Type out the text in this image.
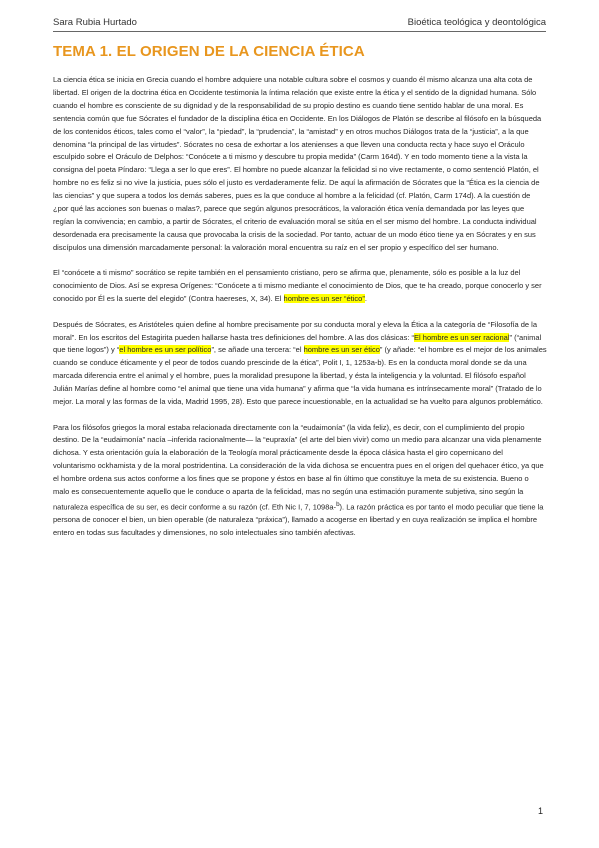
Sara Rubia Hurtado	Bioética teológica y deontológica
TEMA 1. EL ORIGEN DE LA CIENCIA ÉTICA

La ciencia ética se inicia en Grecia cuando el hombre adquiere una notable cultura sobre el cosmos y cuando él mismo alcanza una alta cota de libertad. El origen de la doctrina ética en Occidente testimonia la íntima relación que existe entre la ética y el sentido de la dignidad humana. Sólo cuando el hombre es consciente de su dignidad y de la responsabilidad de su propio destino es cuando tiene sentido hablar de una moral. Es sentencia común que fue Sócrates el fundador de la disciplina ética en Occidente. En los Diálogos de Platón se describe al filósofo en la búsqueda de los contenidos éticos, tales como el “valor”, la “piedad”, la “prudencia”, la “amistad” y en otros muchos Diálogos trata de la “justicia”, a la que denomina “la principal de las virtudes”. Sócrates no cesa de exhortar a los atenienses a que lleven una conducta recta y hace suyo el Oráculo esculpido sobre el Oráculo de Delphos: “Conócete a ti mismo y descubre tu propia medida” (Carm 164d). Y en todo momento tiene a la vista la consigna del poeta Píndaro: “Llega a ser lo que eres”. El hombre no puede alcanzar la felicidad si no vive rectamente, o como sentenció Platón, el hombre no es feliz si no vive la justicia, pues sólo el justo es verdaderamente feliz. De aquí la afirmación de Sócrates que la “Ética es la ciencia de las ciencias” y que supera a todos los demás saberes, pues es la que conduce al hombre a la felicidad (cf. Platón, Carm 174d). A la cuestión de ¿por qué las acciones son buenas o malas?, parece que según algunos presocráticos, la valoración ética venía demandada por las leyes que regían la convivencia; en cambio, a partir de Sócrates, el criterio de evaluación moral se sitúa en el ser mismo del hombre. La conducta individual desordenada era precisamente la causa que provocaba la crisis de la sociedad. Por tanto, actuar de un modo ético tiene ya en Sócrates y en sus discípulos una dimensión marcadamente personal: la valoración moral encuentra su raíz en el ser propio y específico del ser humano.

El “conócete a ti mismo” socrático se repite también en el pensamiento cristiano, pero se afirma que, plenamente, sólo es posible a la luz del conocimiento de Dios. Así se expresa Orígenes: “Conócete a ti mismo mediante el conocimiento de Dios, que te ha creado, porque conocerlo y ser conocido por Él es la suerte del elegido” (Contra haereses, X, 34). El hombre es un ser “ético”.

Después de Sócrates, es Aristóteles quien define al hombre precisamente por su conducta moral y eleva la Ética a la categoría de “Filosofía de la moral”. En los escritos del Estagirita pueden hallarse hasta tres definiciones del hombre. A las dos clásicas: “El hombre es un ser racional” (“animal que tiene logos”) y “el hombre es un ser político”, se añade una tercera: “el hombre es un ser ético” (y añade: “el hombre es el mejor de los animales cuando se conduce éticamente y el peor de todos cuando prescinde de la ética”, Polit I, 1, 1253a-b). Es en la conducta moral donde se da una marcada diferencia entre el animal y el hombre, pues la moralidad presupone la libertad, y ésta la inteligencia y la voluntad. El filósofo español Julián Marías define al hombre como “el animal que tiene una vida humana” y afirma que “la vida humana es intrínsecamente moral” (Tratado de lo mejor. La moral y las formas de la vida, Madrid 1995, 28). Esto que parece incuestionable, en la actualidad se ha vuelto para algunos problemático.

Para los filósofos griegos la moral estaba relacionada directamente con la “eudaimonía” (la vida feliz), es decir, con el cumplimiento del propio destino. De la “eudaimonía” nacía –inferida racionalmente— la “eupraxía” (el arte del bien vivir) como un medio para alcanzar una vida plenamente dichosa. Y esta orientación guía la elaboración de la Teología moral prácticamente desde la época clásica hasta el giro copernicano del voluntarismo ockhamista y de la moral postridentina. La consideración de la vida dichosa se encuentra pues en el origen del quehacer ético, ya que el hombre ordena sus actos conforme a los fines que se propone y éstos en base al fin último que constituye la meta de su existencia. Bueno o malo es consecuentemente aquello que le conduce o aparta de la felicidad, mas no según una estimación puramente subjetiva, sino según la naturaleza específica de su ser, es decir conforme a su razón (cf. Eth Nic I, 7, 1098a-$^b$). La razón práctica es por tanto el modo peculiar que tiene la persona de conocer el bien, un bien operable (de naturaleza “práxica”), llamado a acogerse en libertad y en cuya realización se implica el hombre entero en todas sus facultades y dimensiones, no solo intelectuales sino también afectivas.

1
